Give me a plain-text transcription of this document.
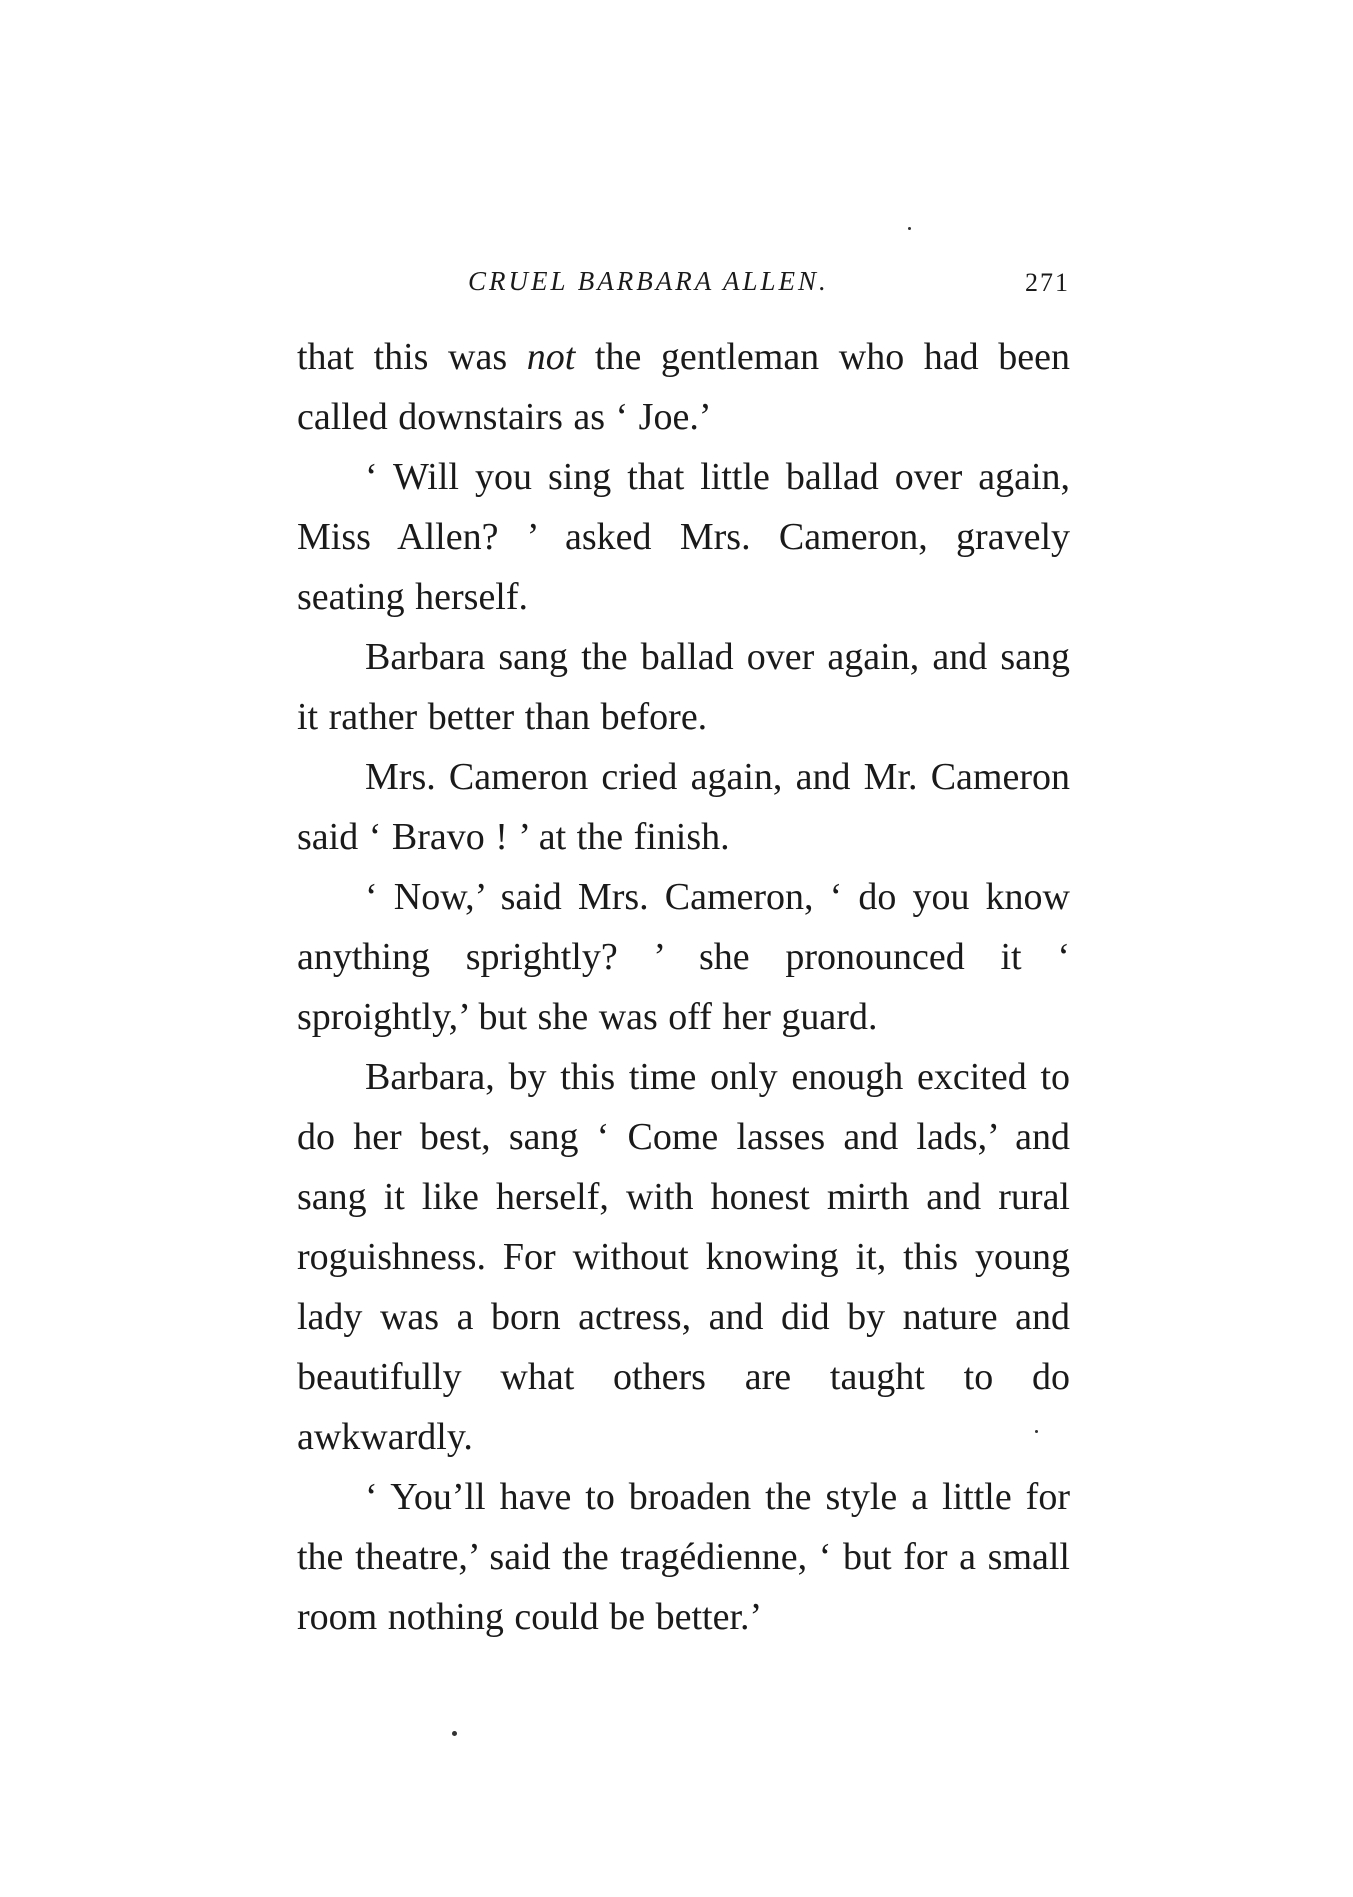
CRUEL BARBARA ALLEN.	271

that this was not the gentleman who had been called downstairs as ‘ Joe.’

‘ Will you sing that little ballad over again, Miss Allen? ’ asked Mrs. Cameron, gravely seating herself.

Barbara sang the ballad over again, and sang it rather better than before.

Mrs. Cameron cried again, and Mr. Cameron said ‘ Bravo ! ’ at the finish.

‘ Now,’ said Mrs. Cameron, ‘ do you know anything sprightly? ’ she pronounced it ‘ sproightly,’ but she was off her guard.

Barbara, by this time only enough excited to do her best, sang ‘ Come lasses and lads,’ and sang it like herself, with honest mirth and rural roguishness. For without knowing it, this young lady was a born actress, and did by nature and beautifully what others are taught to do awkwardly.

‘ You’ll have to broaden the style a little for the theatre,’ said the tragédienne, ‘ but for a small room nothing could be better.’
